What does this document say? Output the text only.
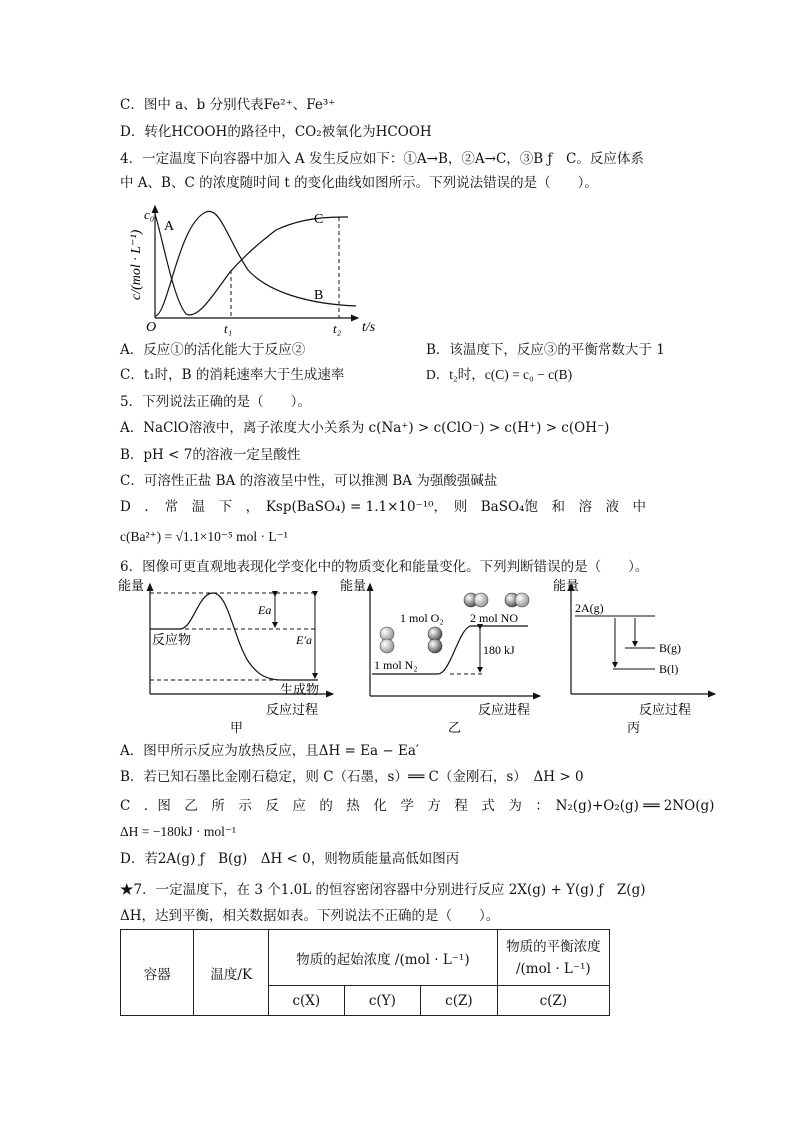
C．图中 a、b 分别代表Fe²⁺、Fe³⁺
D．转化HCOOH的路径中，CO₂被氧化为HCOOH
4．一定温度下向容器中加入 A 发生反应如下：①A→B，②A→C，③B ƒ　C。反应体系
中 A、B、C 的浓度随时间 t 的变化曲线如图所示。下列说法错误的是（　　）。
c/(mol · L⁻¹)
c₀
O	t₁	t₂ t/s
A	C
B
A．反应①的活化能大于反应②	B．该温度下，反应③的平衡常数大于 1
C．t₁时，B 的消耗速率大于生成速率	D．t₂时，c(C) = c₀ − c(B)
5．下列说法正确的是（　　）。
A．NaClO溶液中，离子浓度大小关系为 c(Na⁺) > c(ClO⁻) > c(H⁺) > c(OH⁻)
B．pH < 7的溶液一定呈酸性
C．可溶性正盐 BA 的溶液呈中性，可以推测 BA 为强酸强碱盐
D　．　常　温　下　，　Ksp(BaSO₄) = 1.1×10⁻¹⁰，　则　BaSO₄饱　和　溶　液　中
c(Ba²⁺) = √1.1×10⁻⁵ mol · L⁻¹
6．图像可更直观地表现化学变化中的物质变化和能量变化。下列判断错误的是（　　）。
能量
Ea
E′a
反应物
生成物
反应过程
甲
能量
180 kJ
1 mol O₂ 2 mol NO
1 mol N₂
反应进程
乙
能量
2A(g)
B(g)
B(l)
反应过程
丙
A．图甲所示反应为放热反应，且ΔH = Ea − Ea′
B．若已知石墨比金刚石稳定，则 C（石墨，s）══ C（金刚石，s）　ΔH > 0
C　．图　乙　所　示　反　应　的　热　化　学　方　程　式　为　：　N₂(g)+O₂(g) ══ 2NO(g)
ΔH = −180kJ · mol⁻¹
D．若2A(g) ƒ　B(g)　ΔH < 0，则物质能量高低如图丙
★7．一定温度下，在 3 个1.0L 的恒容密闭容器中分别进行反应 2X(g) + Y(g) ƒ　Z(g)
ΔH，达到平衡，相关数据如表。下列说法不正确的是（　　）。
容器	温度/K	物质的起始浓度 /(mol · L⁻¹)			物质的平衡浓度
/(mol · L⁻¹)

		c(X)	c(Y)	c(Z)	c(Z)
